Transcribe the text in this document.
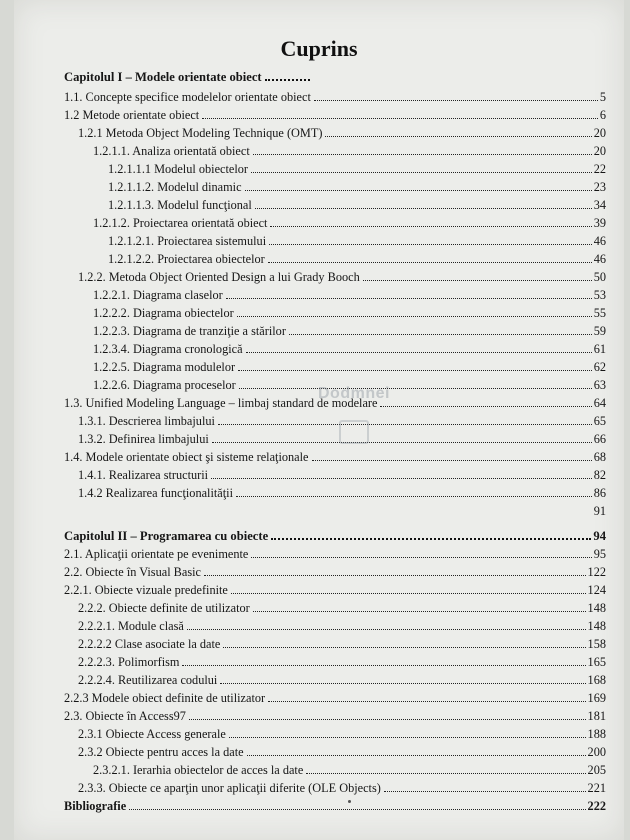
Cuprins
Capitolul I – Modele orientate obiect
1.1. Concepte specifice modelelor orientate obiect	5
1.2 Metode orientate obiect	6
1.2.1 Metoda Object Modeling Technique (OMT)	20
1.2.1.1. Analiza orientată obiect	20
1.2.1.1.1 Modelul obiectelor	22
1.2.1.1.2. Modelul dinamic	23
1.2.1.1.3. Modelul funcţional	34
1.2.1.2. Proiectarea orientată obiect	39
1.2.1.2.1. Proiectarea sistemului	46
1.2.1.2.2. Proiectarea obiectelor	46
1.2.2. Metoda Object Oriented Design a lui Grady Booch	50
1.2.2.1. Diagrama claselor	53
1.2.2.2. Diagrama obiectelor	55
1.2.2.3. Diagrama de tranziţie a stărilor	59
1.2.3.4. Diagrama cronologică	61
1.2.2.5. Diagrama modulelor	62
1.2.2.6. Diagrama proceselor	63
1.3. Unified Modeling Language – limbaj standard de modelare	64
1.3.1. Descrierea limbajului	65
1.3.2. Definirea limbajului	66
1.4. Modele orientate obiect şi sisteme relaţionale	68
1.4.1. Realizarea structurii	82
1.4.2 Realizarea funcţionalităţii	86
91
Capitolul II – Programarea cu obiecte	94
2.1. Aplicaţii orientate pe evenimente	95
2.2. Obiecte în Visual Basic	122
2.2.1. Obiecte vizuale predefinite	124
2.2.2. Obiecte definite de utilizator	148
2.2.2.1. Module clasă	148
2.2.2.2 Clase asociate la date	158
2.2.2.3. Polimorfism	165
2.2.2.4. Reutilizarea codului	168
2.2.3 Modele obiect definite de utilizator	169
2.3. Obiecte în Access97	181
2.3.1 Obiecte Access generale	188
2.3.2 Obiecte pentru acces la date	200
2.3.2.1. Ierarhia obiectelor de acces la date	205
2.3.3. Obiecte ce aparţin unor aplicaţii diferite (OLE Objects)	221
Bibliografie	222
Dodmnei
